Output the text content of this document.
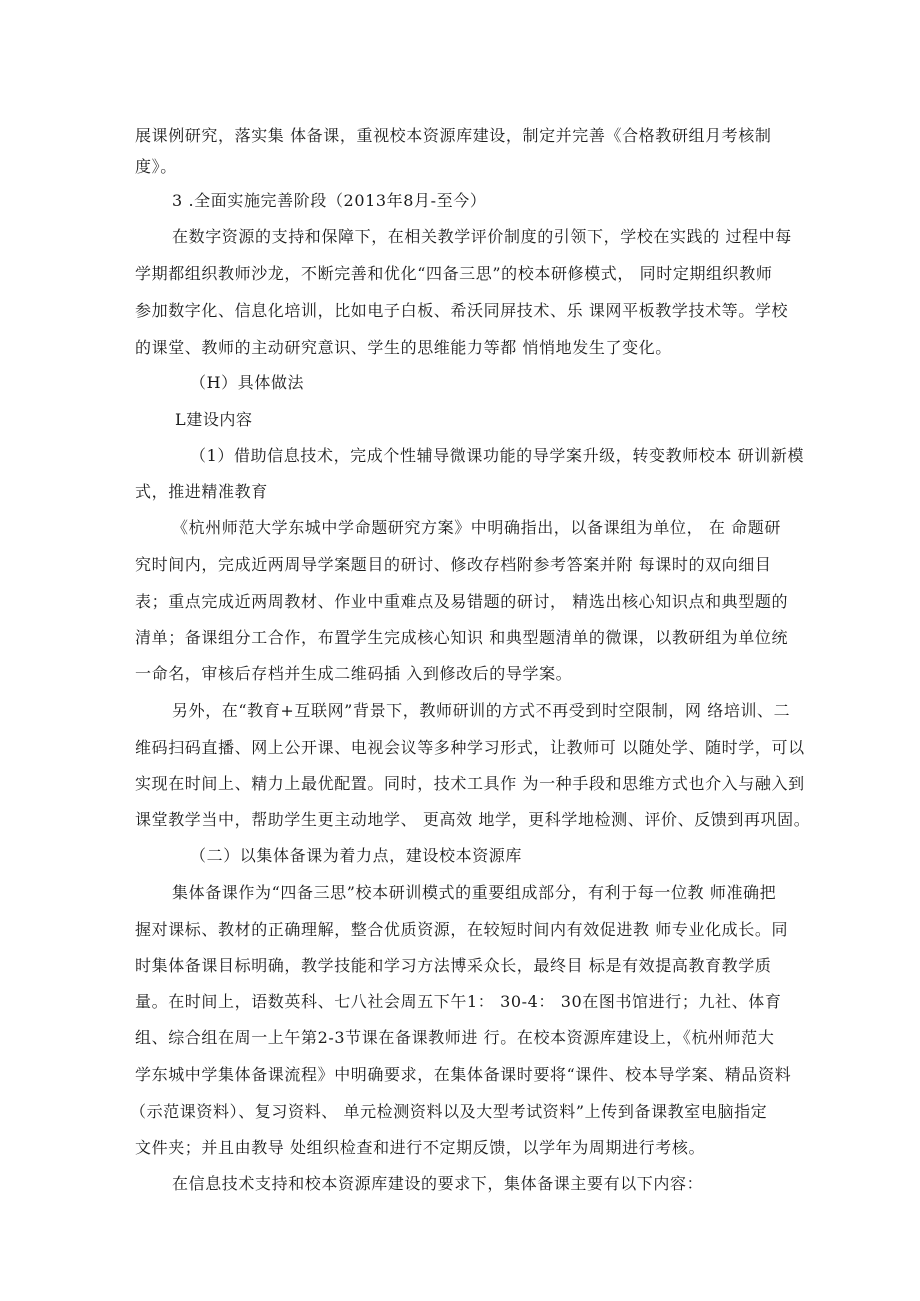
展课例研究，落实集 体备课，重视校本资源库建设，制定并完善《合格教研组月考核制
度》。
3 .全面实施完善阶段（2013年8月-至今）
在数字资源的支持和保障下，在相关教学评价制度的引领下，学校在实践的 过程中每
学期都组织教师沙龙，不断完善和优化“四备三思”的校本研修模式， 同时定期组织教师
参加数字化、信息化培训，比如电子白板、希沃同屏技术、乐 课网平板教学技术等。学校
的课堂、教师的主动研究意识、学生的思维能力等都 悄悄地发生了变化。
（H）具体做法
L建设内容
（1）借助信息技术，完成个性辅导微课功能的导学案升级，转变教师校本 研训新模
式，推进精准教育
《杭州师范大学东城中学命题研究方案》中明确指出，以备课组为单位， 在 命题研
究时间内，完成近两周导学案题目的研讨、修改存档附参考答案并附 每课时的双向细目
表；重点完成近两周教材、作业中重难点及易错题的研讨， 精选出核心知识点和典型题的
清单；备课组分工合作，布置学生完成核心知识 和典型题清单的微课，以教研组为单位统
一命名，审核后存档并生成二维码插 入到修改后的导学案。
另外，在“教育+互联网”背景下，教师研训的方式不再受到时空限制，网 络培训、二
维码扫码直播、网上公开课、电视会议等多种学习形式，让教师可 以随处学、随时学，可以
实现在时间上、精力上最优配置。同时，技术工具作 为一种手段和思维方式也介入与融入到
课堂教学当中，帮助学生更主动地学、 更高效 地学，更科学地检测、评价、反馈到再巩固。
（二）以集体备课为着力点，建设校本资源库
集体备课作为“四备三思”校本研训模式的重要组成部分，有利于每一位教 师准确把
握对课标、教材的正确理解，整合优质资源，在较短时间内有效促进教 师专业化成长。同
时集体备课目标明确，教学技能和学习方法博采众长，最终目 标是有效提高教育教学质
量。在时间上，语数英科、七八社会周五下午1： 30-4： 30在图书馆进行；九社、体育
组、综合组在周一上午第2-3节课在备课教师进 行。在校本资源库建设上，《杭州师范大
学东城中学集体备课流程》中明确要求，在集体备课时要将“课件、校本导学案、精品资料
（示范课资料）、复习资料、 单元检测资料以及大型考试资料”上传到备课教室电脑指定
文件夹；并且由教导 处组织检查和进行不定期反馈，以学年为周期进行考核。
在信息技术支持和校本资源库建设的要求下，集体备课主要有以下内容：
